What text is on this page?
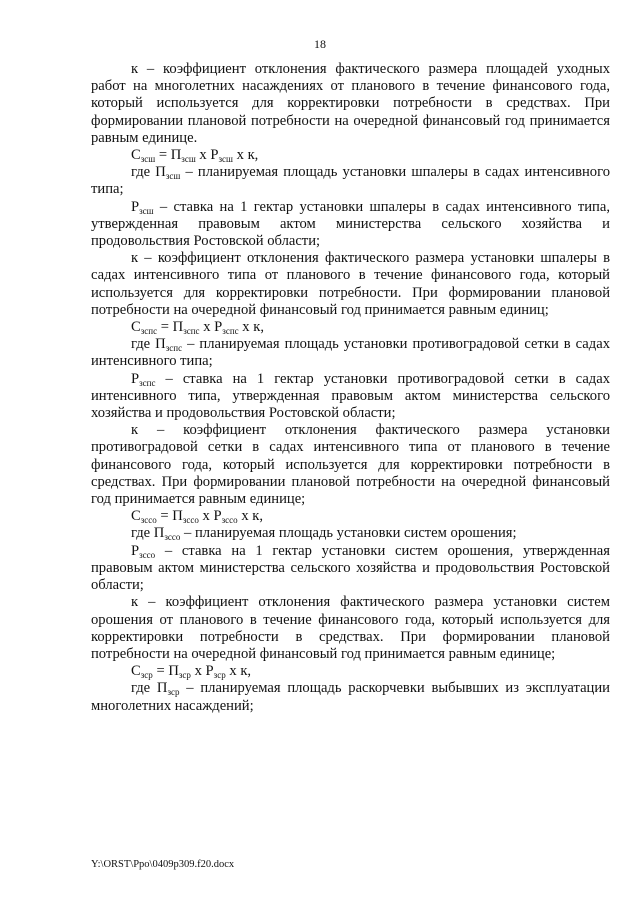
18

к – коэффициент отклонения фактического размера площадей уходных работ на многолетних насаждениях от планового в течение финансового года, который используется для корректировки потребности в средствах. При формировании плановой потребности на очередной финансовый год принимается равным единице.

$С_{зсш} = П_{зсш}$ х $Р_{зсш}$ х к,

где $П_{зсш}$ – планируемая площадь установки шпалеры в садах интенсивного типа;

$Р_{зсш}$ – ставка на 1 гектар установки шпалеры в садах интенсивного типа, утвержденная правовым актом министерства сельского хозяйства и продовольствия Ростовской области;

к – коэффициент отклонения фактического размера установки шпалеры в садах интенсивного типа от планового в течение финансового года, который используется для корректировки потребности. При формировании плановой потребности на очередной финансовый год принимается равным единиц;

$С_{зспс} = П_{зспс}$ х $Р_{зспс}$ х к,

где $П_{зспс}$ – планируемая площадь установки противоградовой сетки в садах интенсивного типа;

$Р_{зспс}$ – ставка на 1 гектар установки противоградовой сетки в садах интенсивного типа, утвержденная правовым актом министерства сельского хозяйства и продовольствия Ростовской области;

к – коэффициент отклонения фактического размера установки противоградовой сетки в садах интенсивного типа от планового в течение финансового года, который используется для корректировки потребности в средствах. При формировании плановой потребности на очередной финансовый год принимается равным единице;

$С_{зсco} = П_{зсco}$ х $Р_{зсco}$ х к,

где $П_{зсco}$ – планируемая площадь установки систем орошения;

$Р_{зсco}$ – ставка на 1 гектар установки систем орошения, утвержденная правовым актом министерства сельского хозяйства и продовольствия Ростовской области;

к – коэффициент отклонения фактического размера установки систем орошения от планового в течение финансового года, который используется для корректировки потребности в средствах. При формировании плановой потребности на очередной финансовый год принимается равным единице;

$С_{зср} = П_{зср}$ х $Р_{зср}$ х к,

где $П_{зср}$ – планируемая площадь раскорчевки выбывших из эксплуатации многолетних насаждений;

Y:\ORST\Ppo\0409p309.f20.docx
